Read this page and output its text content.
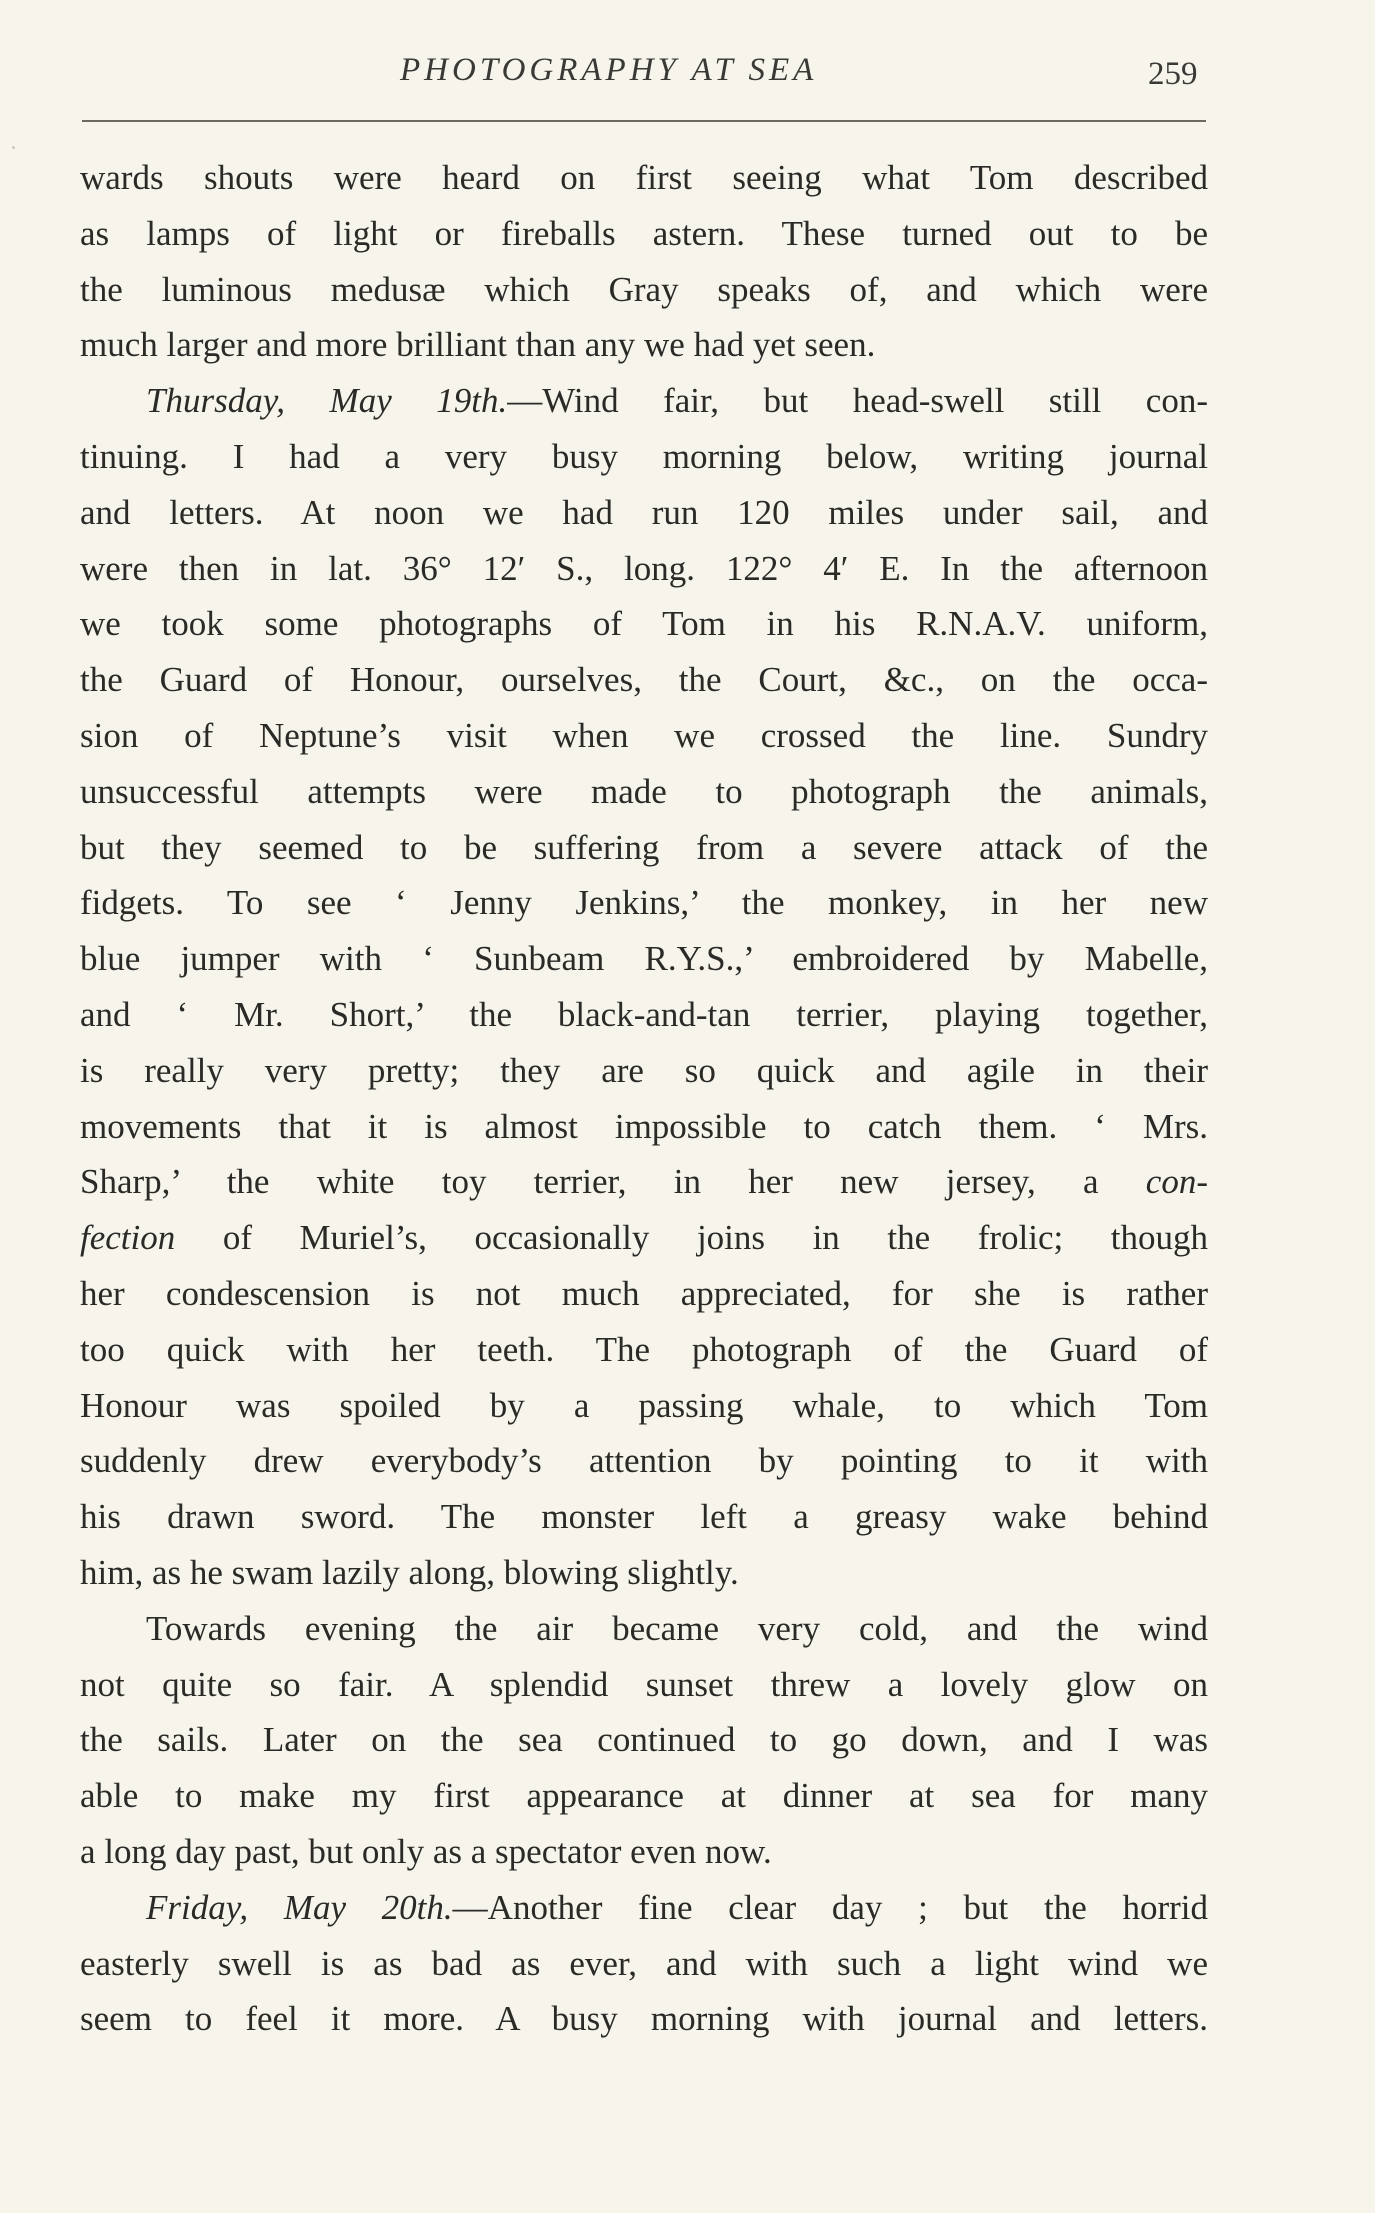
PHOTOGRAPHY AT SEA	259
wards shouts were heard on first seeing what Tom described
as lamps of light or fireballs astern. These turned out to be
the luminous medusæ which Gray speaks of, and which were
much larger and more brilliant than any we had yet seen.
Thursday, May 19th.—Wind fair, but head-swell still con-
tinuing. I had a very busy morning below, writing journal
and letters. At noon we had run 120 miles under sail, and
were then in lat. 36° 12′ S., long. 122° 4′ E. In the afternoon
we took some photographs of Tom in his R.N.A.V. uniform,
the Guard of Honour, ourselves, the Court, &c., on the occa-
sion of Neptune’s visit when we crossed the line. Sundry
unsuccessful attempts were made to photograph the animals,
but they seemed to be suffering from a severe attack of the
fidgets. To see ‘ Jenny Jenkins,’ the monkey, in her new
blue jumper with ‘ Sunbeam R.Y.S.,’ embroidered by Mabelle,
and ‘ Mr. Short,’ the black-and-tan terrier, playing together,
is really very pretty; they are so quick and agile in their
movements that it is almost impossible to catch them. ‘ Mrs.
Sharp,’ the white toy terrier, in her new jersey, a con-
fection of Muriel’s, occasionally joins in the frolic; though
her condescension is not much appreciated, for she is rather
too quick with her teeth. The photograph of the Guard of
Honour was spoiled by a passing whale, to which Tom
suddenly drew everybody’s attention by pointing to it with
his drawn sword. The monster left a greasy wake behind
him, as he swam lazily along, blowing slightly.
Towards evening the air became very cold, and the wind
not quite so fair. A splendid sunset threw a lovely glow on
the sails. Later on the sea continued to go down, and I was
able to make my first appearance at dinner at sea for many
a long day past, but only as a spectator even now.
Friday, May 20th.—Another fine clear day ; but the horrid
easterly swell is as bad as ever, and with such a light wind we
seem to feel it more. A busy morning with journal and letters.
